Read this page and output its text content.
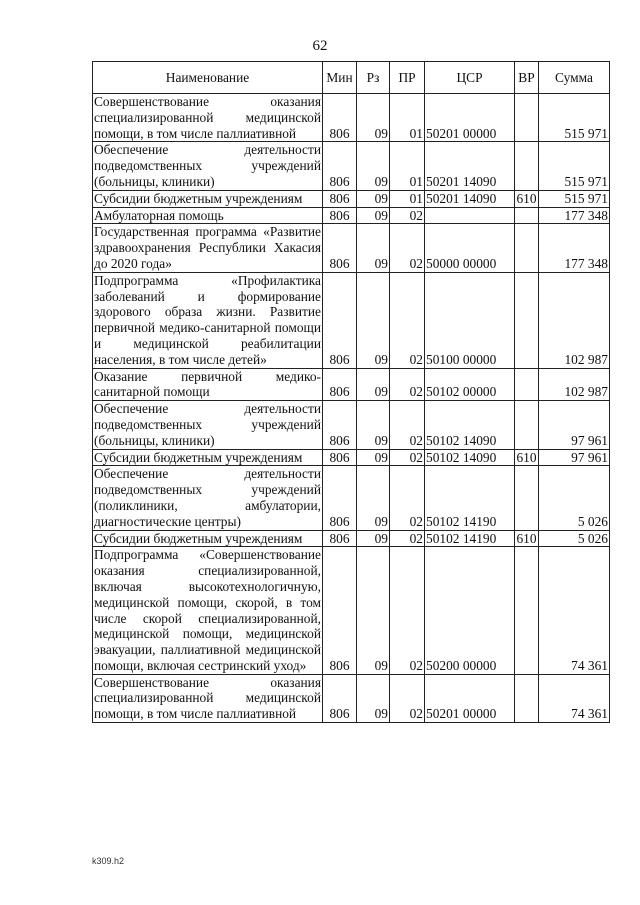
62
Наименование	Мин	Рз	ПР	ЦСР	ВР	Сумма
Совершенствование оказания специализированной медицинской помощи, в том числе паллиативной	806	09	01	50201 00000		515 971
Обеспечение деятельности подведомственных учреждений (больницы, клиники)	806	09	01	50201 14090		515 971
Субсидии бюджетным учреждениям	806	09	01	50201 14090	610	515 971
Амбулаторная помощь	806	09	02			177 348
Государственная программа «Развитие здравоохранения Республики Хакасия до 2020 года»	806	09	02	50000 00000		177 348
Подпрограмма «Профилактика заболеваний и формирование здорового образа жизни. Развитие первичной медико-санитарной помощи и медицинской реабилитации населения, в том числе детей»	806	09	02	50100 00000		102 987
Оказание первичной медико-санитарной помощи	806	09	02	50102 00000		102 987
Обеспечение деятельности подведомственных учреждений (больницы, клиники)	806	09	02	50102 14090		97 961
Субсидии бюджетным учреждениям	806	09	02	50102 14090	610	97 961
Обеспечение деятельности подведомственных учреждений (поликлиники, амбулатории, диагностические центры)	806	09	02	50102 14190		5 026
Субсидии бюджетным учреждениям	806	09	02	50102 14190	610	5 026
Подпрограмма «Совершенствование оказания специализированной, включая высокотехнологичную, медицинской помощи, скорой, в том числе скорой специализированной, медицинской помощи, медицинской эвакуации, паллиативной медицинской помощи, включая сестринский уход»	806	09	02	50200 00000		74 361
Совершенствование оказания специализированной медицинской помощи, в том числе паллиативной	806	09	02	50201 00000		74 361
k309.h2
